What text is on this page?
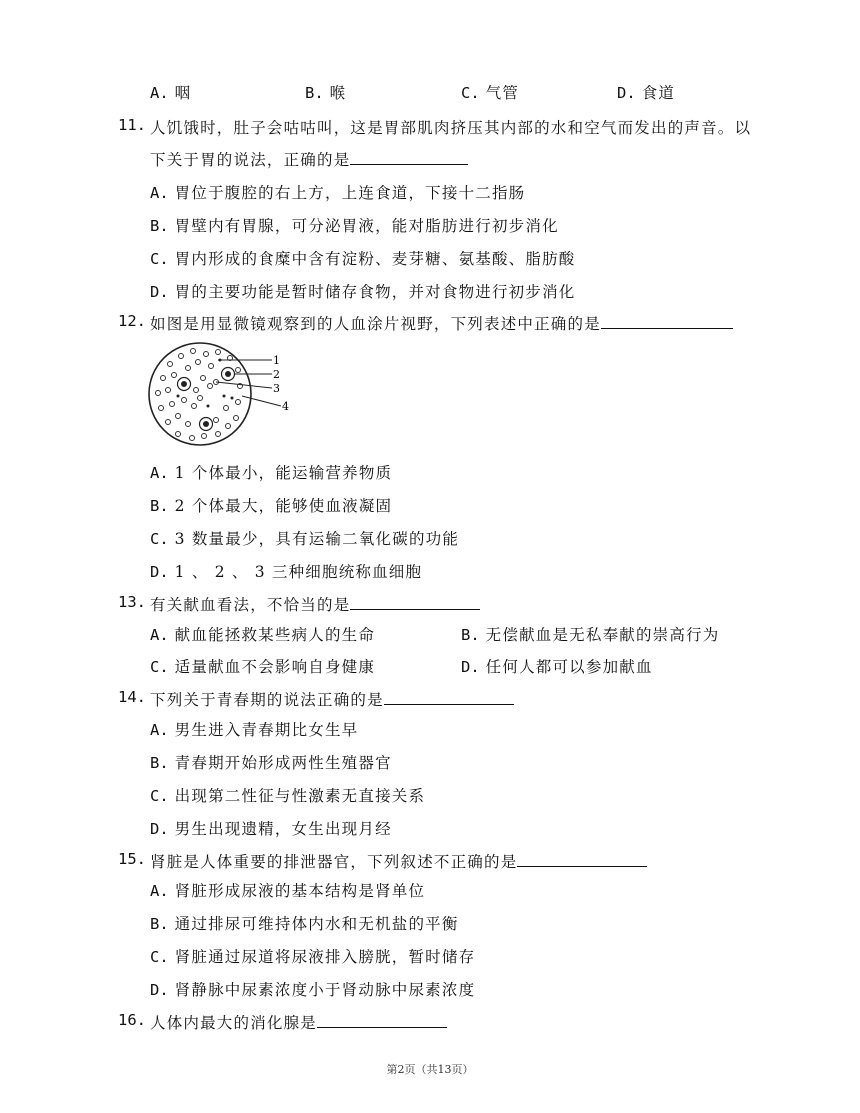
A. 咽	B. 喉	C. 气管	D. 食道
11. 人饥饿时，肚子会咕咕叫，这是胃部肌肉挤压其内部的水和空气而发出的声音。以
下关于胃的说法，正确的是
A. 胃位于腹腔的右上方，上连食道，下接十二指肠
B. 胃壁内有胃腺，可分泌胃液，能对脂肪进行初步消化
C. 胃内形成的食糜中含有淀粉、麦芽糖、氨基酸、脂肪酸
D. 胃的主要功能是暂时储存食物，并对食物进行初步消化
12. 如图是用显微镜观察到的人血涂片视野，下列表述中正确的是
1
2
3
4
A. 1 个体最小，能运输营养物质
B. 2 个体最大，能够使血液凝固
C. 3 数量最少，具有运输二氧化碳的功能
D. 1 、 2 、 3 三种细胞统称血细胞
13. 有关献血看法，不恰当的是
A. 献血能拯救某些病人的生命	B. 无偿献血是无私奉献的崇高行为
C. 适量献血不会影响自身健康	D. 任何人都可以参加献血
14. 下列关于青春期的说法正确的是
A. 男生进入青春期比女生早
B. 青春期开始形成两性生殖器官
C. 出现第二性征与性激素无直接关系
D. 男生出现遗精，女生出现月经
15. 肾脏是人体重要的排泄器官，下列叙述不正确的是
A. 肾脏形成尿液的基本结构是肾单位
B. 通过排尿可维持体内水和无机盐的平衡
C. 肾脏通过尿道将尿液排入膀胱，暂时储存
D. 肾静脉中尿素浓度小于肾动脉中尿素浓度
16. 人体内最大的消化腺是
第2页（共13页）
